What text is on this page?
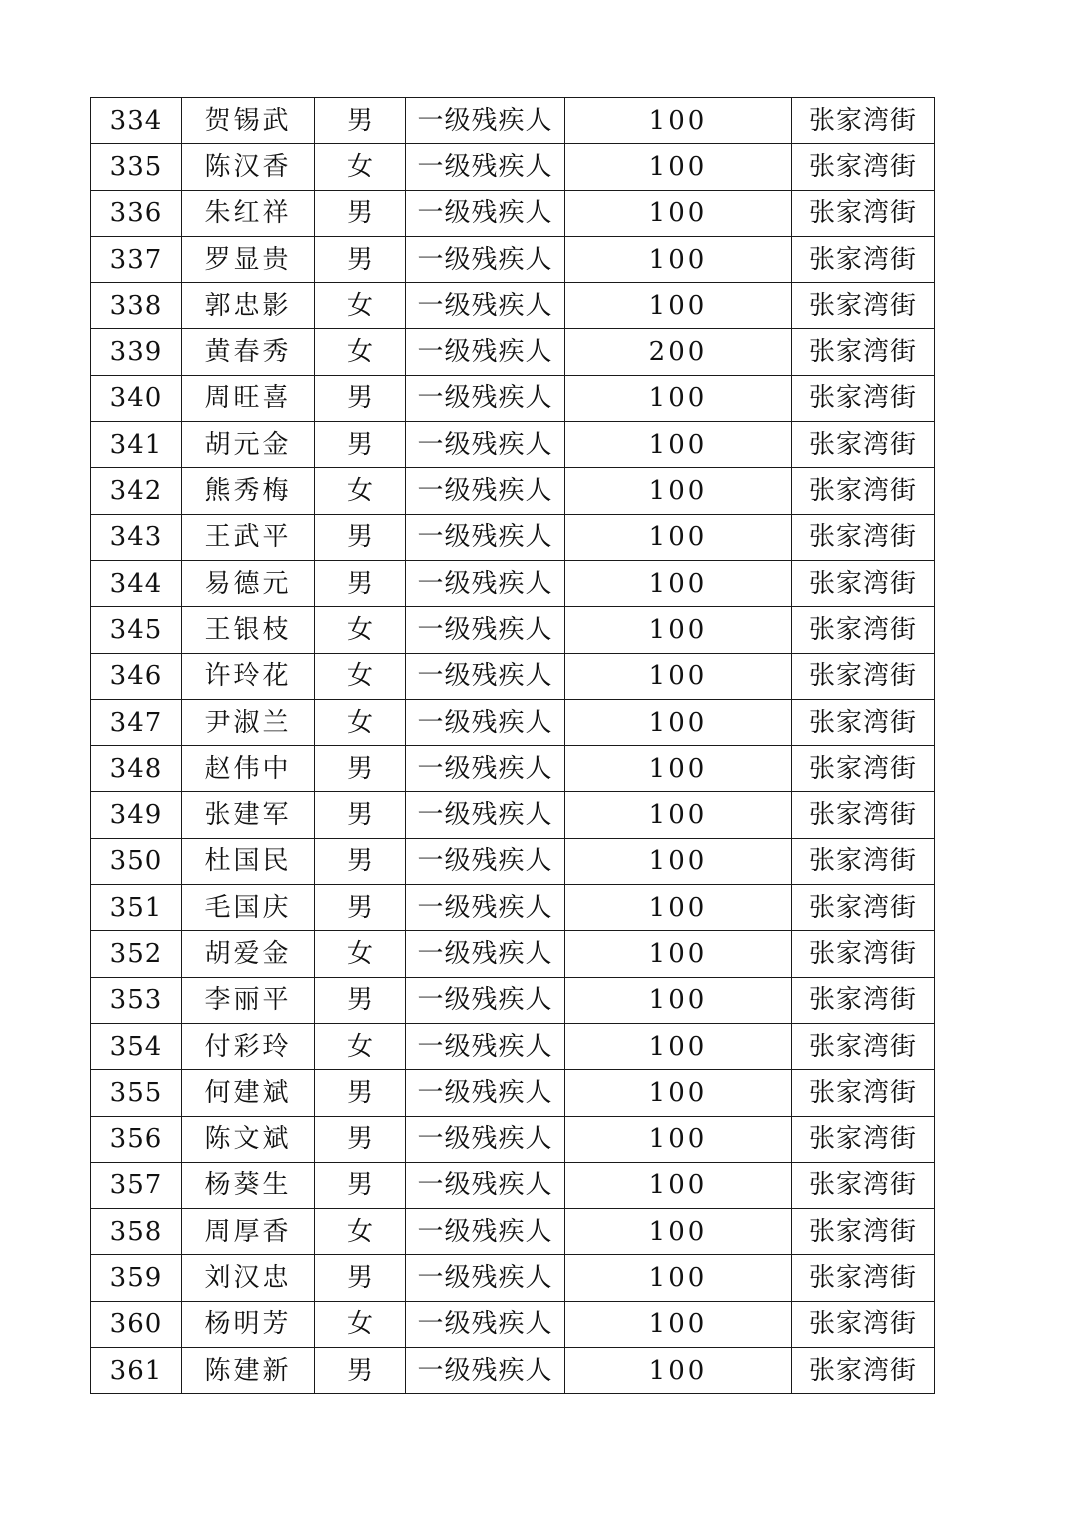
334	贺锡武	男	一级残疾人	100	张家湾街
335	陈汉香	女	一级残疾人	100	张家湾街
336	朱红祥	男	一级残疾人	100	张家湾街
337	罗显贵	男	一级残疾人	100	张家湾街
338	郭忠影	女	一级残疾人	100	张家湾街
339	黄春秀	女	一级残疾人	200	张家湾街
340	周旺喜	男	一级残疾人	100	张家湾街
341	胡元金	男	一级残疾人	100	张家湾街
342	熊秀梅	女	一级残疾人	100	张家湾街
343	王武平	男	一级残疾人	100	张家湾街
344	易德元	男	一级残疾人	100	张家湾街
345	王银枝	女	一级残疾人	100	张家湾街
346	许玲花	女	一级残疾人	100	张家湾街
347	尹淑兰	女	一级残疾人	100	张家湾街
348	赵伟中	男	一级残疾人	100	张家湾街
349	张建军	男	一级残疾人	100	张家湾街
350	杜国民	男	一级残疾人	100	张家湾街
351	毛国庆	男	一级残疾人	100	张家湾街
352	胡爱金	女	一级残疾人	100	张家湾街
353	李丽平	男	一级残疾人	100	张家湾街
354	付彩玲	女	一级残疾人	100	张家湾街
355	何建斌	男	一级残疾人	100	张家湾街
356	陈文斌	男	一级残疾人	100	张家湾街
357	杨葵生	男	一级残疾人	100	张家湾街
358	周厚香	女	一级残疾人	100	张家湾街
359	刘汉忠	男	一级残疾人	100	张家湾街
360	杨明芳	女	一级残疾人	100	张家湾街
361	陈建新	男	一级残疾人	100	张家湾街
